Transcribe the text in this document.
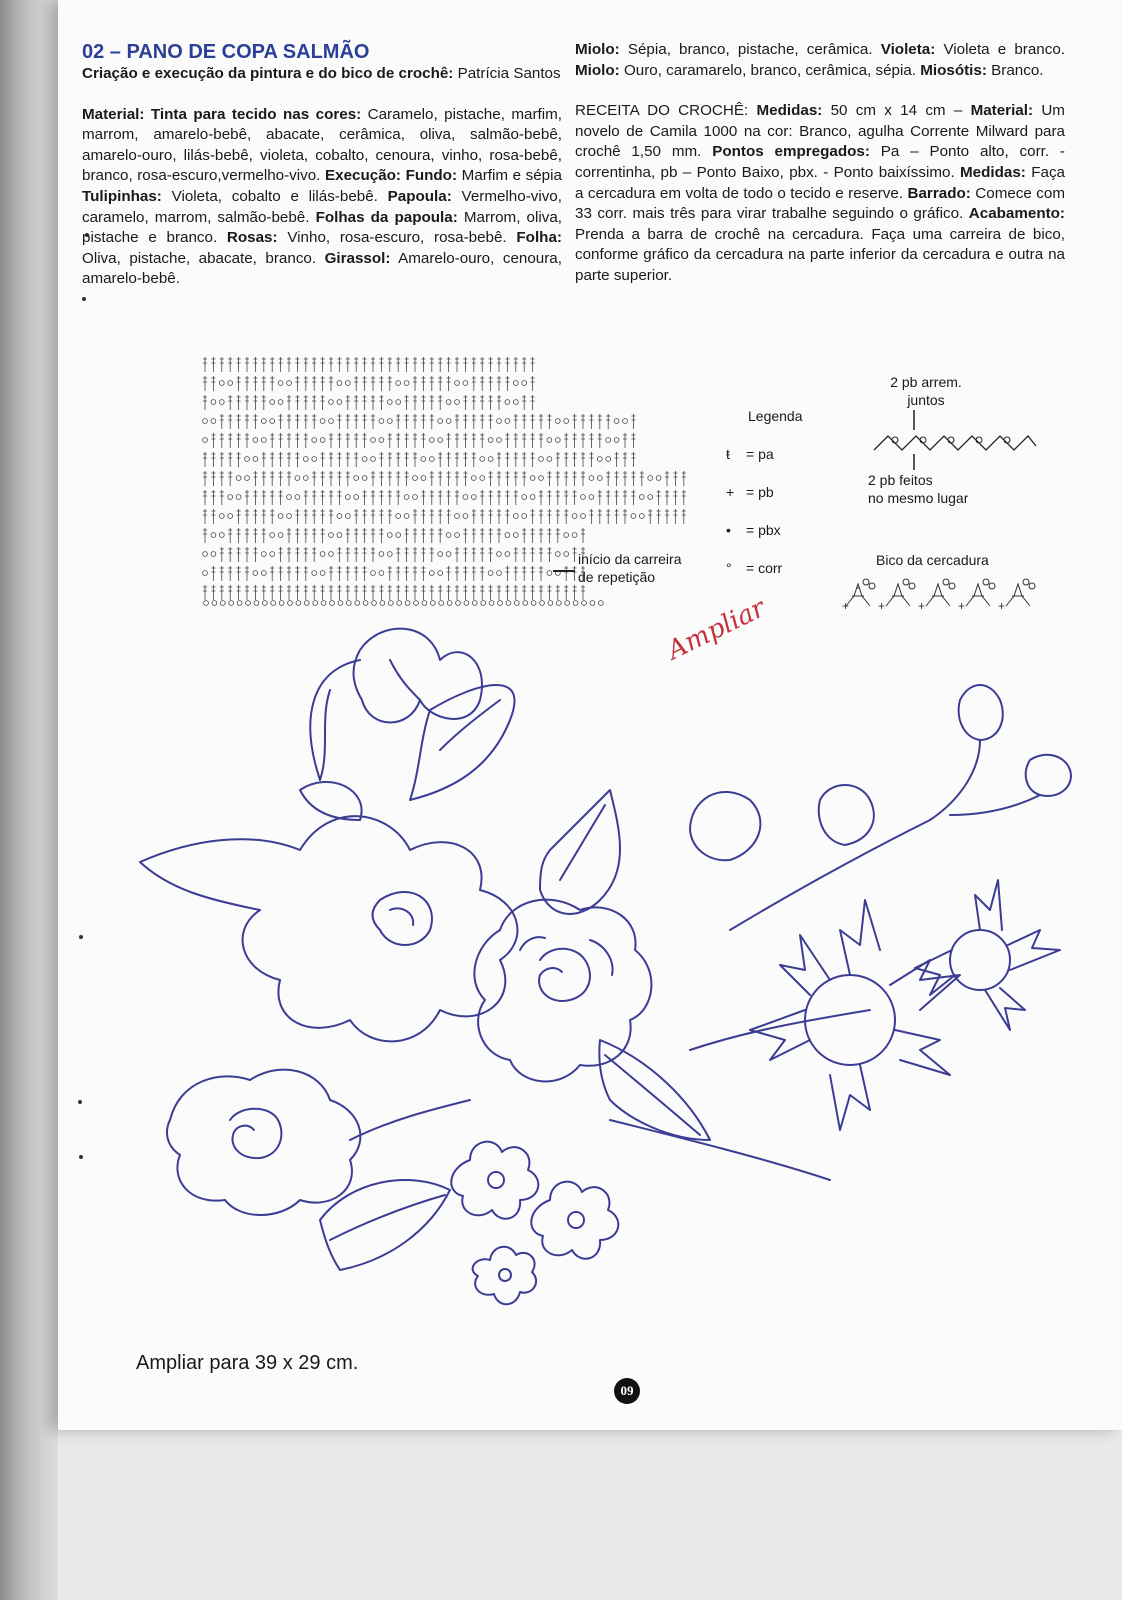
02 – PANO DE COPA SALMÃO
Criação e execução da pintura e do bico de crochê: Patrícia Santos
Material: Tinta para tecido nas cores: Caramelo, pistache, marfim, marrom, amarelo-bebê, abacate, cerâmica, oliva, salmão-bebê, amarelo-ouro, lilás-bebê, violeta, cobalto, cenoura, vinho, rosa-bebê, branco, rosa-escuro,vermelho-vivo. Execução: Fundo: Marfim e sépia Tulipinhas: Violeta, cobalto e lilás-bebê. Papoula: Vermelho-vivo, caramelo, marrom, salmão-bebê. Folhas da papoula: Marrom, oliva, pistache e branco. Rosas: Vinho, rosa-escuro, rosa-bebê. Folha: Oliva, pistache, abacate, branco. Girassol: Amarelo-ouro, cenoura, amarelo-bebê.
Miolo: Sépia, branco, pistache, cerâmica. Violeta: Violeta e branco. Miolo: Ouro, caramarelo, branco, cerâmica, sépia. Miosótis: Branco.
RECEITA DO CROCHÊ: Medidas: 50 cm x 14 cm – Material: Um novelo de Camila 1000 na cor: Branco, agulha Corrente Milward para crochê 1,50 mm. Pontos empregados: Pa – Ponto alto, corr. - correntinha, pb – Ponto Baixo, pbx. - Ponto baixíssimo. Medidas: Faça a cercadura em volta de todo o tecido e reserve. Barrado: Comece com 33 corr. mais três para virar trabalhe seguindo o gráfico. Acabamento: Prenda a barra de crochê na cercadura. Faça uma carreira de bico, conforme gráfico da cercadura na parte inferior da cercadura e outra na parte superior.
início da carreira
de repetição
Legenda
ŧ = pa
+ = pb
• = pbx
° = corr
2 pb arrem.
juntos
2 pb feitos
no mesmo lugar
Bico da cercadura
+ +	+	+	+
Ampliar
Ampliar para 39 x 29 cm.
09
